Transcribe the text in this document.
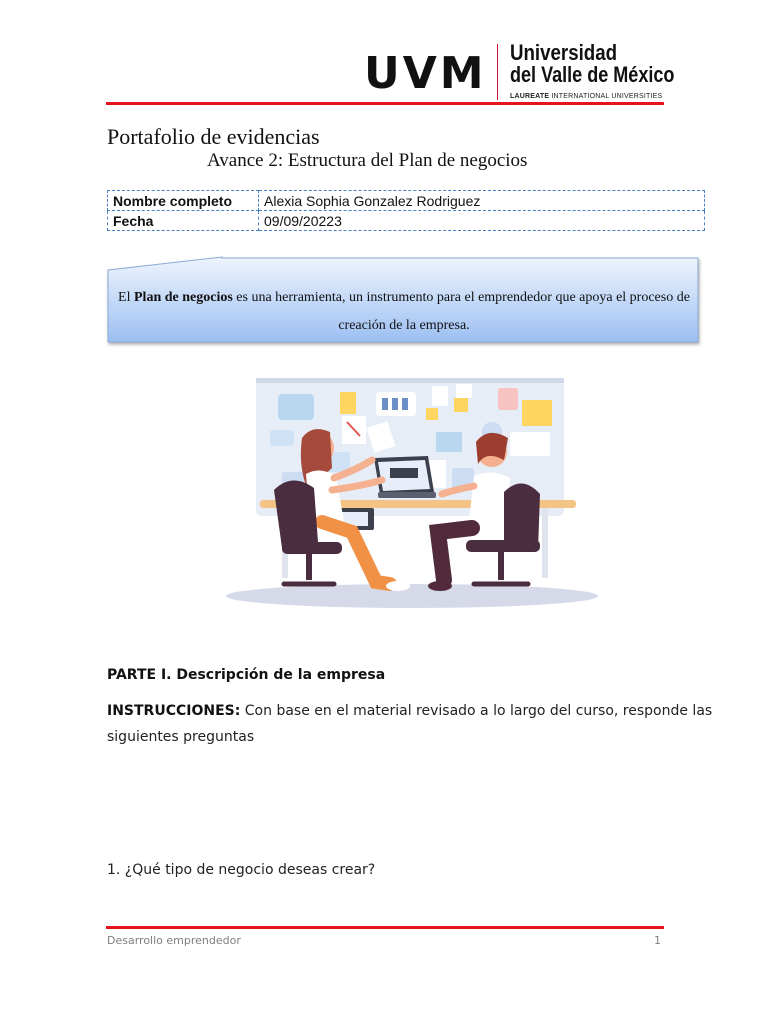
UVM Universidad
del Valle de México
LAUREATE INTERNATIONAL UNIVERSITIES
Portafolio de evidencias
Avance 2: Estructura del Plan de negocios
Nombre completo	Alexia Sophia Gonzalez Rodriguez
Fecha	09/09/20223
El Plan de negocios es una herramienta, un instrumento para el emprendedor que apoya el proceso de creación de la empresa.
PARTE I. Descripción de la empresa
INSTRUCCIONES: Con base en el material revisado a lo largo del curso, responde las siguientes preguntas
1. ¿Qué tipo de negocio deseas crear?
Desarrollo emprendedor	1
